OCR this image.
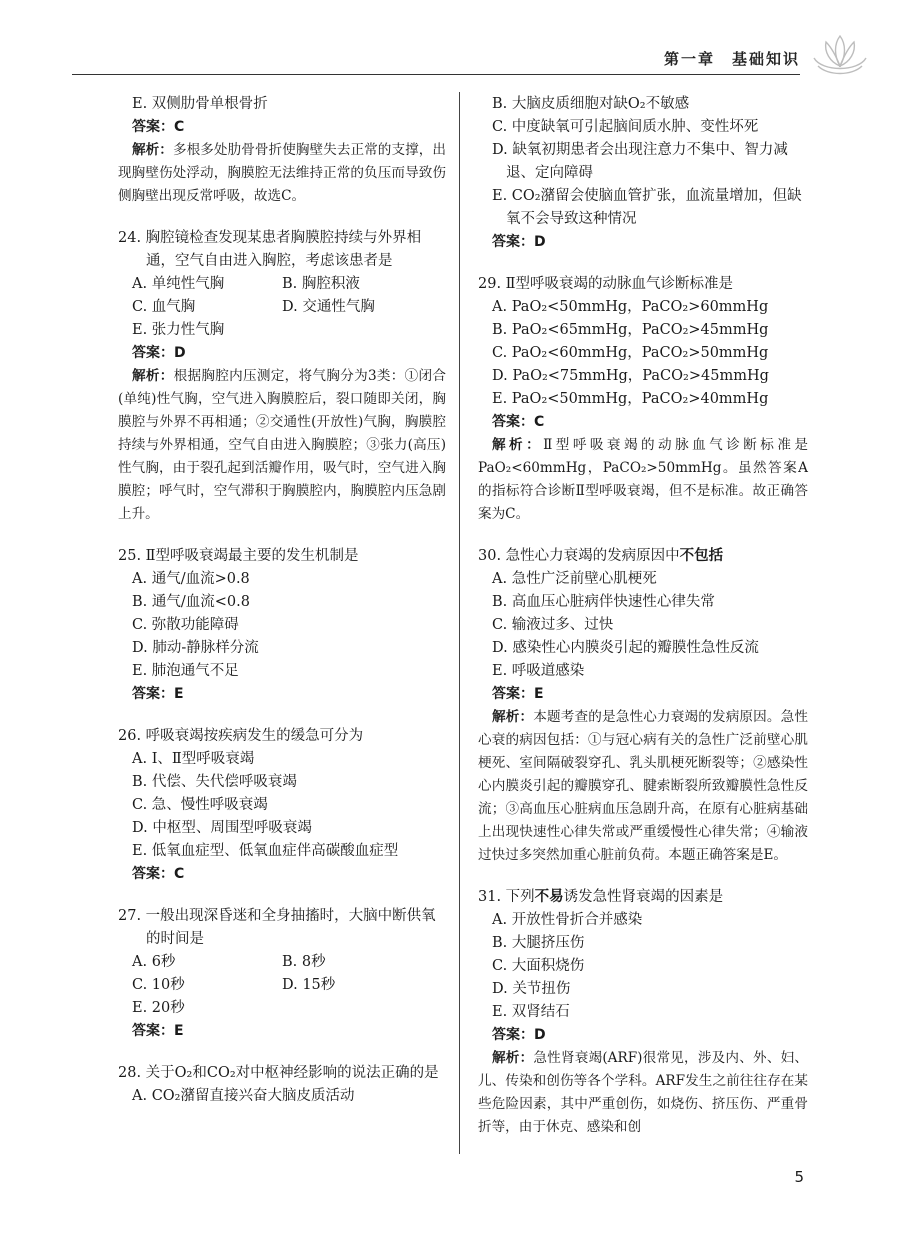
第一章　基础知识
E. 双侧肋骨单根骨折
答案：C
解析：多根多处肋骨骨折使胸壁失去正常的支撑，出现胸壁伤处浮动，胸膜腔无法维持正常的负压而导致伤侧胸壁出现反常呼吸，故选C。
24. 胸腔镜检查发现某患者胸膜腔持续与外界相通，空气自由进入胸腔，考虑该患者是
A. 单纯性气胸	B. 胸腔积液
C. 血气胸	D. 交通性气胸
E. 张力性气胸
答案：D
解析：根据胸腔内压测定，将气胸分为3类：①闭合(单纯)性气胸，空气进入胸膜腔后，裂口随即关闭，胸膜腔与外界不再相通；②交通性(开放性)气胸，胸膜腔持续与外界相通，空气自由进入胸膜腔；③张力(高压)性气胸，由于裂孔起到活瓣作用，吸气时，空气进入胸膜腔；呼气时，空气滞积于胸膜腔内，胸膜腔内压急剧上升。
25. Ⅱ型呼吸衰竭最主要的发生机制是
A. 通气/血流>0.8
B. 通气/血流<0.8
C. 弥散功能障碍
D. 肺动-静脉样分流
E. 肺泡通气不足
答案：E
26. 呼吸衰竭按疾病发生的缓急可分为
A. Ⅰ、Ⅱ型呼吸衰竭
B. 代偿、失代偿呼吸衰竭
C. 急、慢性呼吸衰竭
D. 中枢型、周围型呼吸衰竭
E. 低氧血症型、低氧血症伴高碳酸血症型
答案：C
27. 一般出现深昏迷和全身抽搐时，大脑中断供氧的时间是
A. 6秒	B. 8秒
C. 10秒	D. 15秒
E. 20秒
答案：E
28. 关于O₂和CO₂对中枢神经影响的说法正确的是
A. CO₂潴留直接兴奋大脑皮质活动
B. 大脑皮质细胞对缺O₂不敏感
C. 中度缺氧可引起脑间质水肿、变性坏死
D. 缺氧初期患者会出现注意力不集中、智力减退、定向障碍
E. CO₂潴留会使脑血管扩张，血流量增加，但缺氧不会导致这种情况
答案：D
29. Ⅱ型呼吸衰竭的动脉血气诊断标准是
A. PaO₂<50mmHg，PaCO₂>60mmHg
B. PaO₂<65mmHg，PaCO₂>45mmHg
C. PaO₂<60mmHg，PaCO₂>50mmHg
D. PaO₂<75mmHg，PaCO₂>45mmHg
E. PaO₂<50mmHg，PaCO₂>40mmHg
答案：C
解析：Ⅱ型呼吸衰竭的动脉血气诊断标准是PaO₂<60mmHg，PaCO₂>50mmHg。虽然答案A的指标符合诊断Ⅱ型呼吸衰竭，但不是标准。故正确答案为C。
30. 急性心力衰竭的发病原因中不包括
A. 急性广泛前壁心肌梗死
B. 高血压心脏病伴快速性心律失常
C. 输液过多、过快
D. 感染性心内膜炎引起的瓣膜性急性反流
E. 呼吸道感染
答案：E
解析：本题考查的是急性心力衰竭的发病原因。急性心衰的病因包括：①与冠心病有关的急性广泛前壁心肌梗死、室间隔破裂穿孔、乳头肌梗死断裂等；②感染性心内膜炎引起的瓣膜穿孔、腱索断裂所致瓣膜性急性反流；③高血压心脏病血压急剧升高，在原有心脏病基础上出现快速性心律失常或严重缓慢性心律失常；④输液过快过多突然加重心脏前负荷。本题正确答案是E。
31. 下列不易诱发急性肾衰竭的因素是
A. 开放性骨折合并感染
B. 大腿挤压伤
C. 大面积烧伤
D. 关节扭伤
E. 双肾结石
答案：D
解析：急性肾衰竭(ARF)很常见，涉及内、外、妇、儿、传染和创伤等各个学科。ARF发生之前往往存在某些危险因素，其中严重创伤，如烧伤、挤压伤、严重骨折等，由于休克、感染和创
5
